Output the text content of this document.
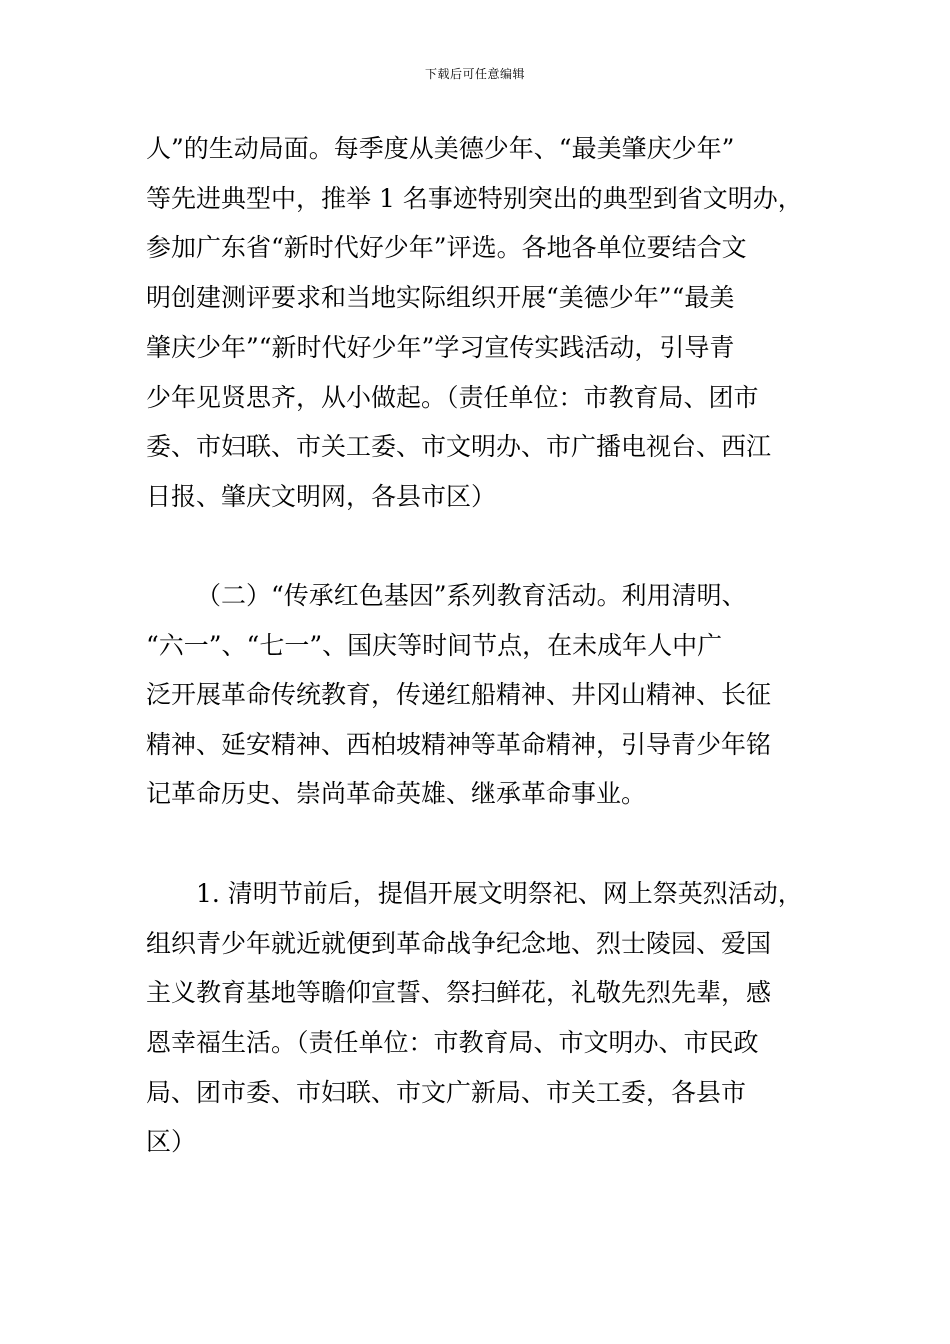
下载后可任意编辑
人”的生动局面。每季度从美德少年、“最美肇庆少年”
等先进典型中，推举 1 名事迹特别突出的典型到省文明办，
参加广东省“新时代好少年”评选。各地各单位要结合文
明创建测评要求和当地实际组织开展“美德少年”“最美
肇庆少年”“新时代好少年”学习宣传实践活动，引导青
少年见贤思齐，从小做起。（责任单位：市教育局、团市
委、市妇联、市关工委、市文明办、市广播电视台、西江
日报、肇庆文明网，各县市区）
（二）“传承红色基因”系列教育活动。利用清明、
“六一”、“七一”、国庆等时间节点，在未成年人中广
泛开展革命传统教育，传递红船精神、井冈山精神、长征
精神、延安精神、西柏坡精神等革命精神，引导青少年铭
记革命历史、崇尚革命英雄、继承革命事业。
1. 清明节前后，提倡开展文明祭祀、网上祭英烈活动，
组织青少年就近就便到革命战争纪念地、烈士陵园、爱国
主义教育基地等瞻仰宣誓、祭扫鲜花，礼敬先烈先辈，感
恩幸福生活。（责任单位：市教育局、市文明办、市民政
局、团市委、市妇联、市文广新局、市关工委，各县市
区）
